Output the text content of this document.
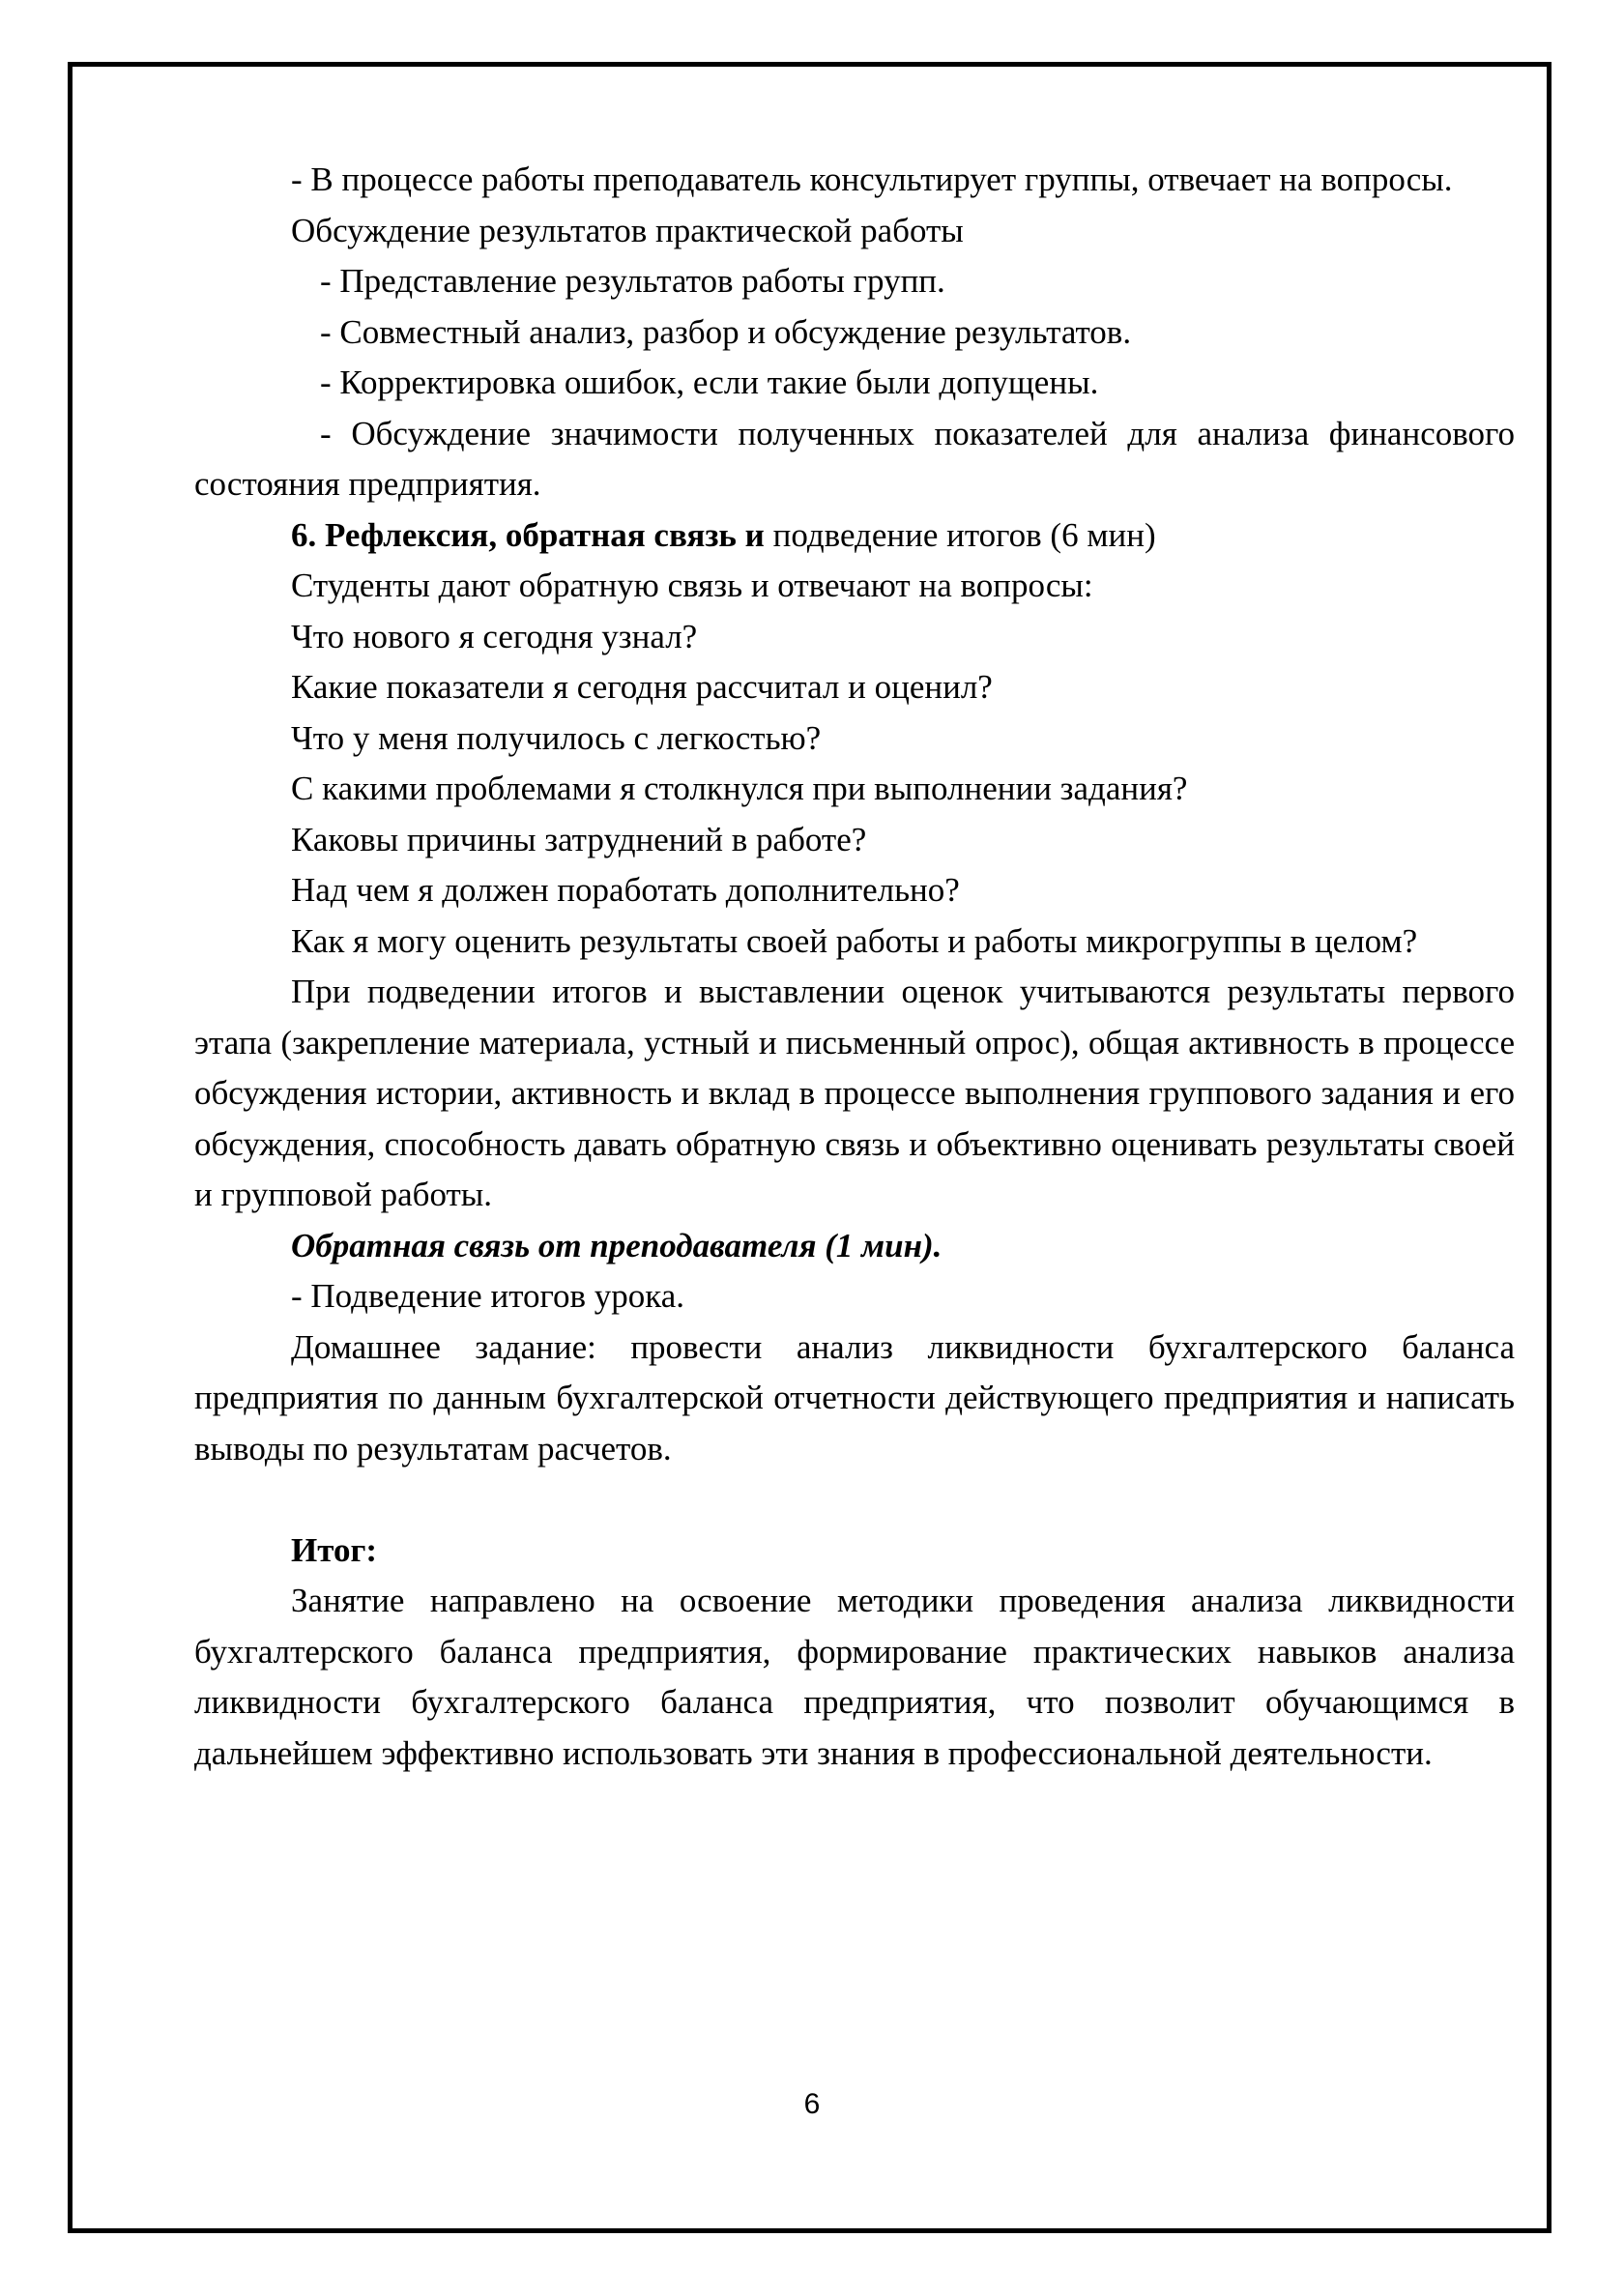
- В процессе работы преподаватель консультирует группы, отвечает на вопросы.

Обсуждение результатов практической работы

- Представление результатов работы групп.

- Совместный анализ, разбор и обсуждение результатов.

- Корректировка ошибок, если такие были допущены.

- Обсуждение значимости полученных показателей для анализа финансового состояния предприятия.

6. Рефлексия, обратная связь и подведение итогов (6 мин)

Студенты дают обратную связь и отвечают на вопросы:

Что нового я сегодня узнал?

Какие показатели я сегодня рассчитал и оценил?

Что у меня получилось с легкостью?

С какими проблемами я столкнулся при выполнении задания?

Каковы причины затруднений в работе?

Над чем я должен поработать дополнительно?

Как я могу оценить результаты своей работы и работы микрогруппы в целом?

При подведении итогов и выставлении оценок учитываются результаты первого этапа (закрепление материала, устный и письменный опрос), общая активность в процессе обсуждения истории, активность и вклад в процессе выполнения группового задания и его обсуждения, способность давать обратную связь и объективно оценивать результаты своей и групповой работы.

Обратная связь от преподавателя (1 мин).

- Подведение итогов урока.

Домашнее задание: провести анализ ликвидности бухгалтерского баланса предприятия по данным бухгалтерской отчетности действующего предприятия и написать выводы по результатам расчетов.

Итог:

Занятие направлено на освоение методики проведения анализа ликвидности бухгалтерского баланса предприятия, формирование практических навыков анализа ликвидности бухгалтерского баланса предприятия, что позволит обучающимся в дальнейшем эффективно использовать эти знания в профессиональной деятельности.

6
